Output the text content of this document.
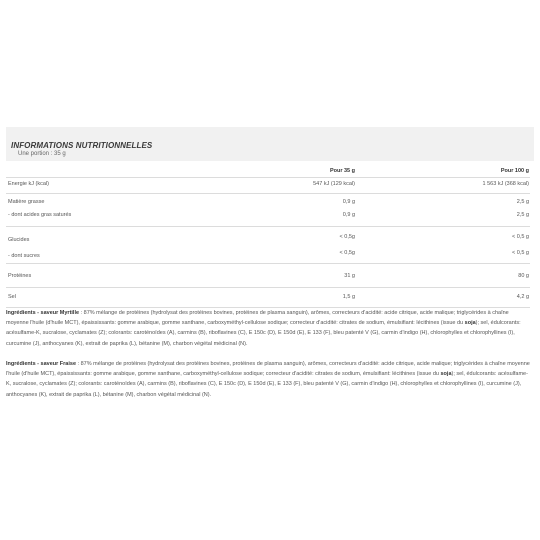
INFORMATIONS NUTRITIONNELLES
Une portion : 35 g
Pour 35 g	Pour 100 g
Energie kJ (kcal)	547 kJ (129 kcal)	1 563 kJ (368 kcal)
Matière grasse	0,9 g	2,5 g
- dont acides gras saturés	0,9 g	2,5 g
Glucides	< 0,5g	< 0,5 g
- dont sucres	< 0,5g	< 0,5 g
Protéines	31 g	80 g
Sel	1,5 g	4,2 g
Ingrédients - saveur Myrtille : 87% mélange de protéines (hydrolysat des protéines bovines, protéines de plasma sanguin), arômes, correcteurs d'acidité: acide citrique, acide malique; triglycérides à chaîne moyenne l'huile (d'huile MCT), épaississants: gomme arabique, gomme xanthane, carboxyméthyl-cellulose sodique; correcteur d'acidité: citrates de sodium, émulsifiant: lécithines (issue du soja); sel, édulcorants: acésulfame-K, sucralose, cyclamates (Z); colorants: caroténoïdes (A), carmins (B), riboflavines (C), E 150c (D), E 150d (E), E 133 (F), bleu patenté V (G), carmin d'indigo (H), chlorophylles et chlorophyllines (I), curcumine (J), anthocyanes (K), extrait de paprika (L), bétanine (M), charbon végétal médicinal (N).
Ingrédients - saveur Fraise : 87% mélange de protéines (hydrolysat des protéines bovines, protéines de plasma sanguin), arômes, correcteurs d'acidité: acide citrique, acide malique; triglycérides à chaîne moyenne l'huile (d'huile MCT), épaississants: gomme arabique, gomme xanthane, carboxyméthyl-cellulose sodique; correcteur d'acidité: citrates de sodium, émulsifiant: lécithines (issue du soja); sel, édulcorants: acésulfame-K, sucralose, cyclamates (Z); colorants: caroténoïdes (A), carmins (B), riboflavines (C), E 150c (D), E 150d (E), E 133 (F), bleu patenté V (G), carmin d'indigo (H), chlorophylles et chlorophyllines (I), curcumine (J), anthocyanes (K), extrait de paprika (L), bétanine (M), charbon végétal médicinal (N).
